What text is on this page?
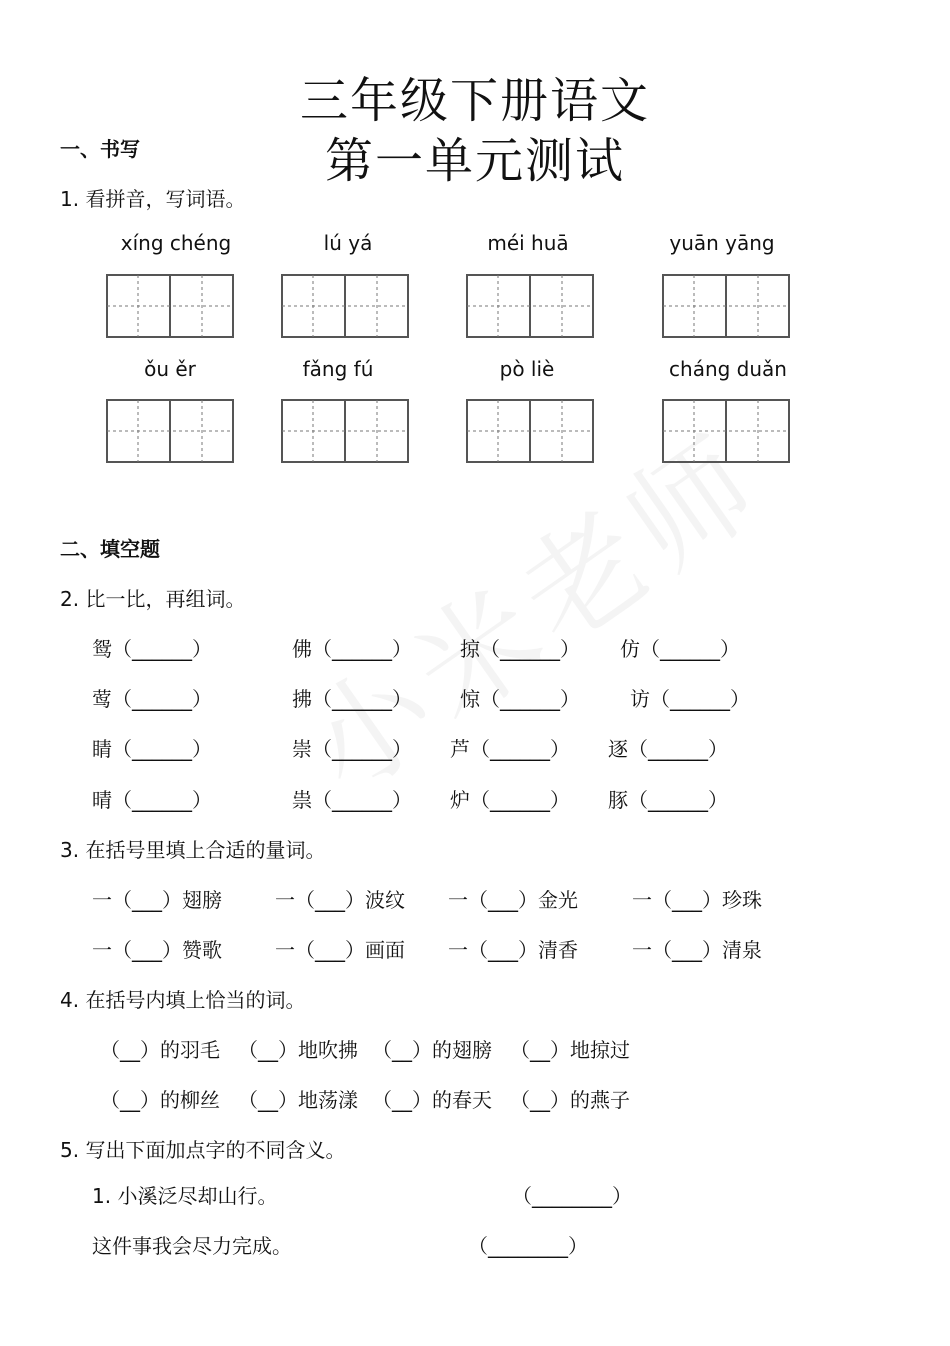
三年级下册语文
第一单元测试
一、书写
1. 看拼音，写词语。
xíng chéng	lú yá	méi huā	yuān yāng
ǒu ěr	fǎng fú	pò liè	cháng duǎn
二、填空题
2. 比一比，再组词。
鸳（______）	佛（______） 掠（______） 仿（______）
莺（______）	拂（______） 惊（______）	访（______）
睛（______）	崇（______） 芦（______） 逐（______）
晴（______）	祟（______） 炉（______） 豚（______）
3. 在括号里填上合适的量词。
一（___）翅膀	一（___）波纹 一（___）金光	一（___）珍珠
一（___）赞歌	一（___）画面 一（___）清香	一（___）清泉
4. 在括号内填上恰当的词。
（__）的羽毛 （__）地吹拂 （__）的翅膀 （__）地掠过
（__）的柳丝 （__）地荡漾 （__）的春天 （__）的燕子
5. 写出下面加点字的不同含义。
1. 小溪泛尽却山行。	（________）
这件事我会尽力完成。	（________）
